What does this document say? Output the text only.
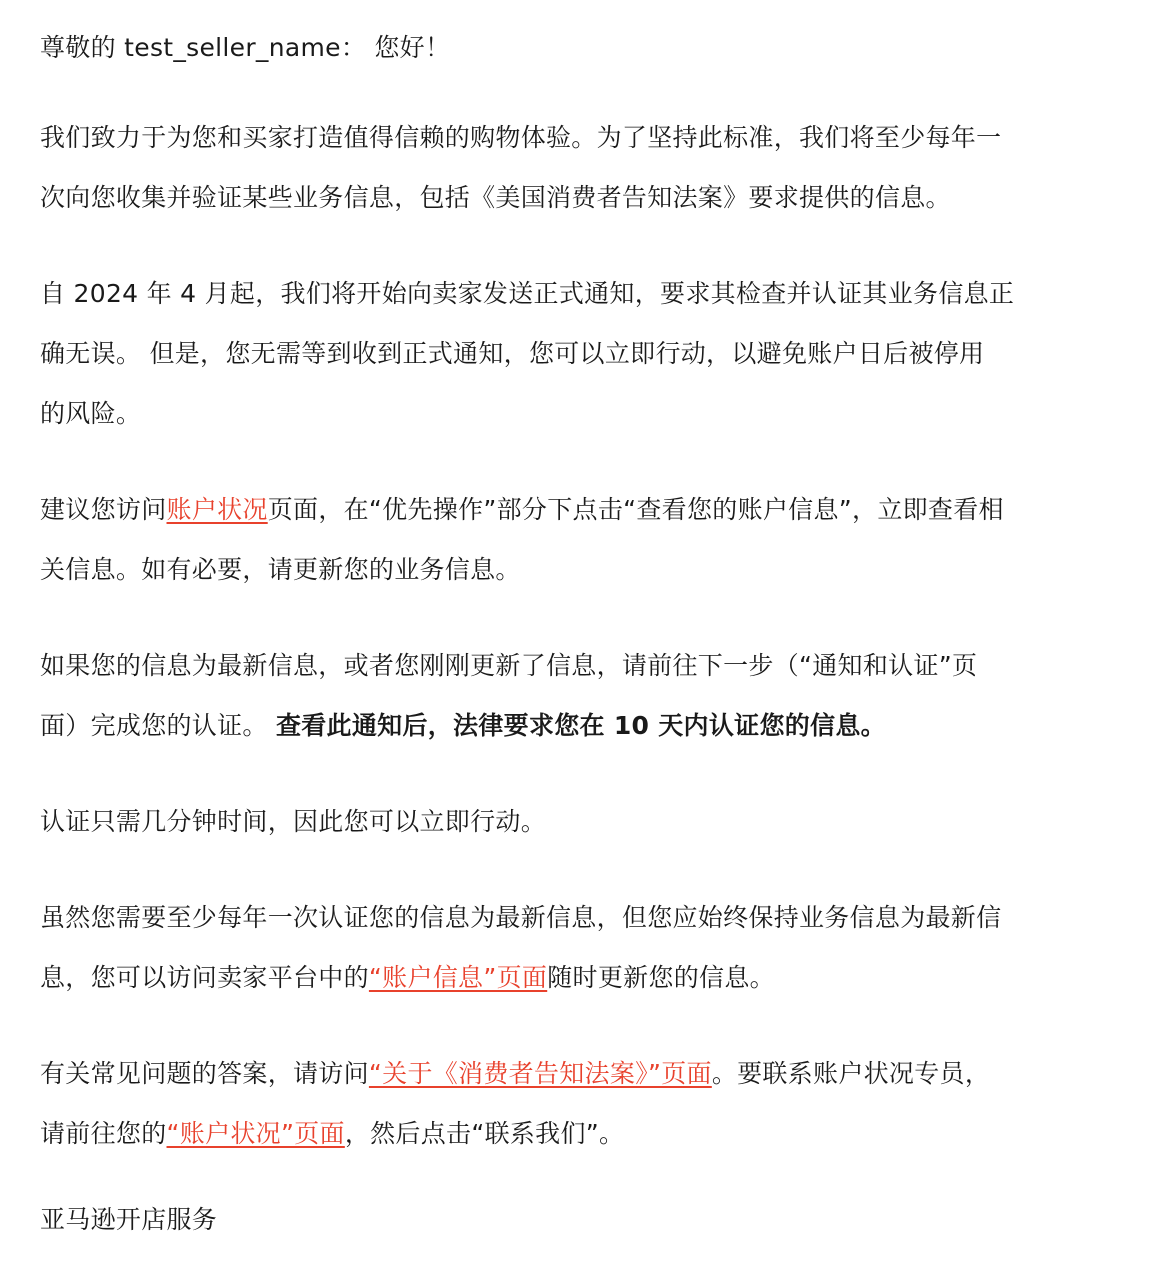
尊敬的 test_seller_name： 您好！
我们致力于为您和买家打造值得信赖的购物体验。为了坚持此标准，我们将至少每年一
次向您收集并验证某些业务信息，包括《美国消费者告知法案》要求提供的信息。
自 2024 年 4 月起，我们将开始向卖家发送正式通知，要求其检查并认证其业务信息正
确无误。 但是，您无需等到收到正式通知，您可以立即行动，以避免账户日后被停用
的风险。
建议您访问账户状况页面，在“优先操作”部分下点击“查看您的账户信息”，立即查看相
关信息。如有必要，请更新您的业务信息。
如果您的信息为最新信息，或者您刚刚更新了信息，请前往下一步（“通知和认证”页
面）完成您的认证。 查看此通知后，法律要求您在 10 天内认证您的信息。
认证只需几分钟时间，因此您可以立即行动。
虽然您需要至少每年一次认证您的信息为最新信息，但您应始终保持业务信息为最新信
息，您可以访问卖家平台中的“账户信息”页面随时更新您的信息。
有关常见问题的答案，请访问“关于《消费者告知法案》”页面。要联系账户状况专员，
请前往您的“账户状况”页面，然后点击“联系我们”。
亚马逊开店服务
